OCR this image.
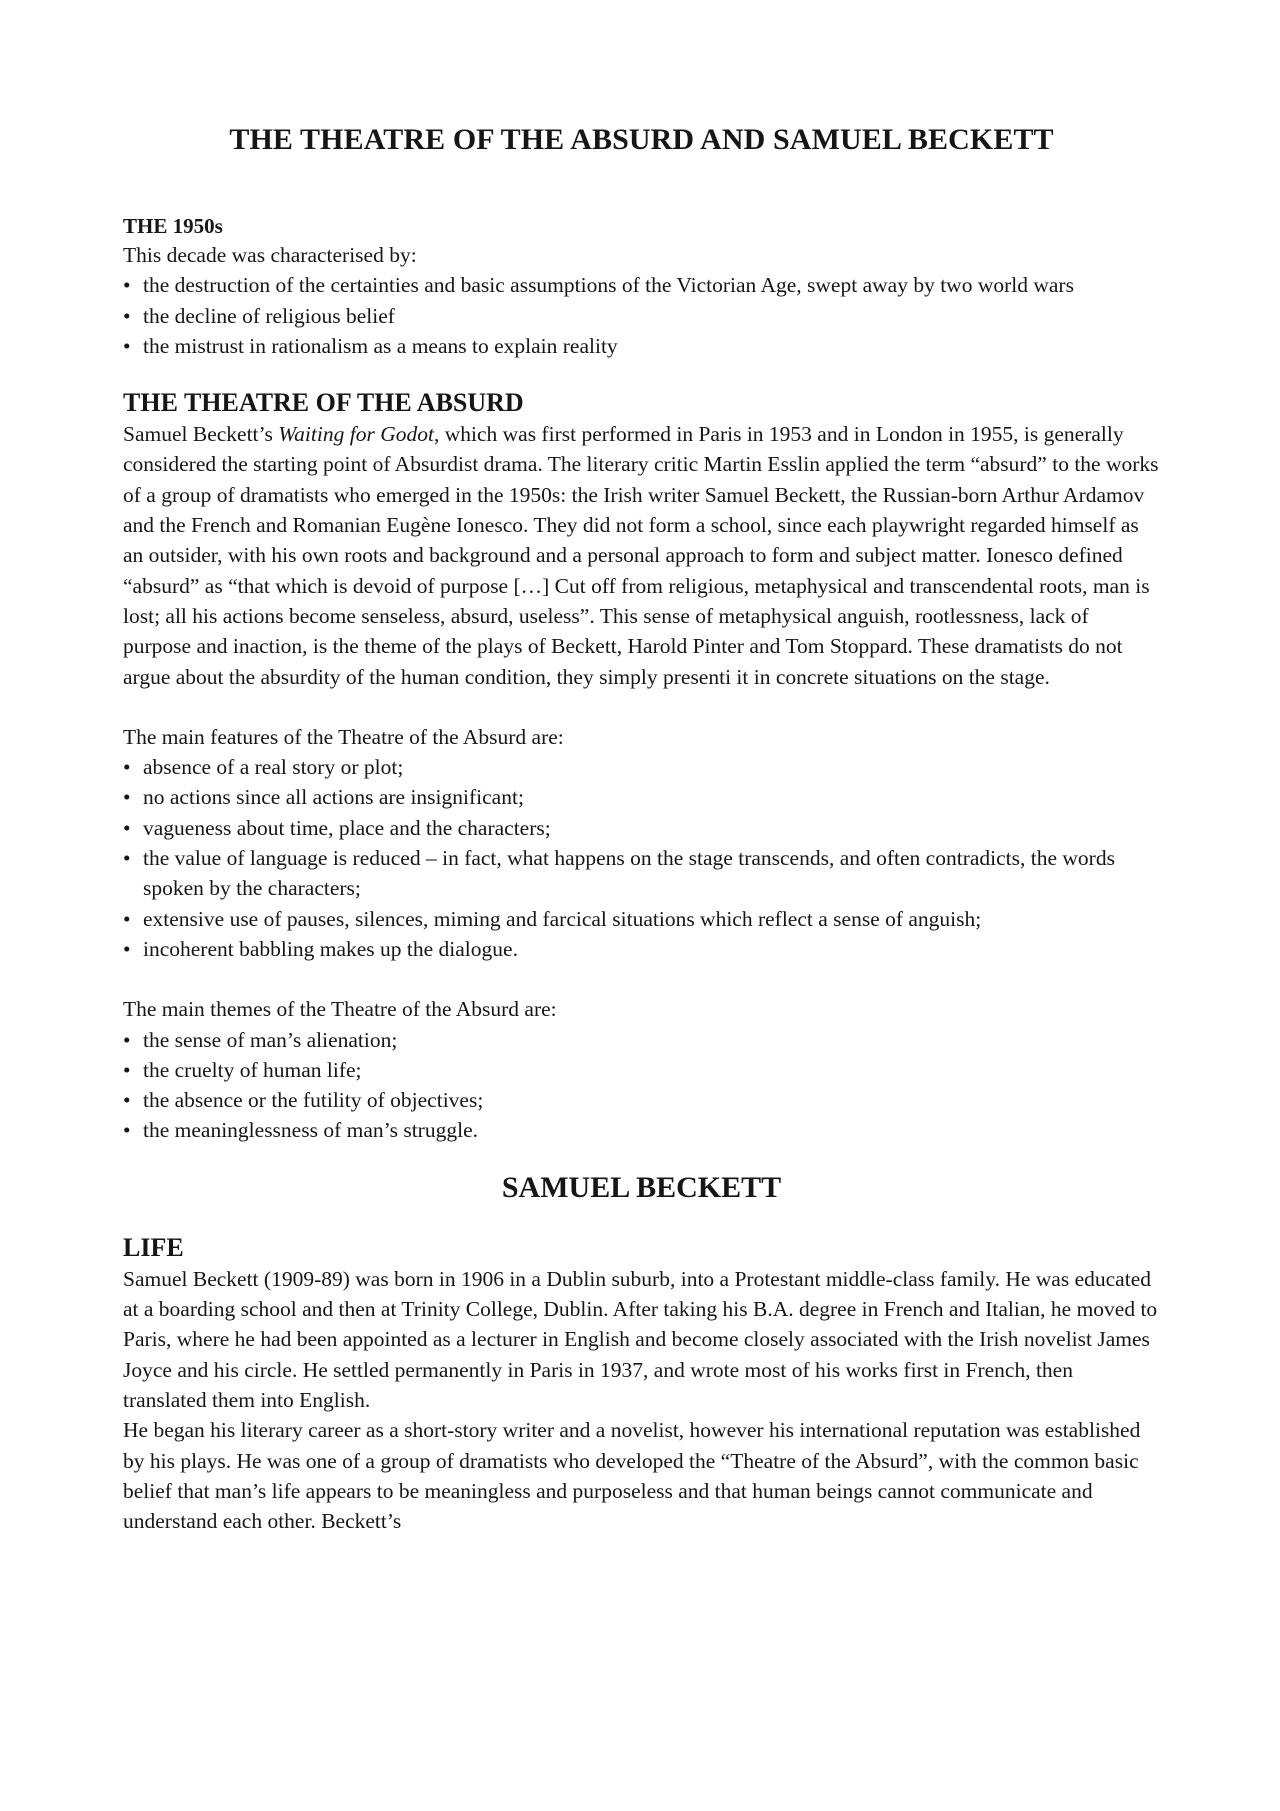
THE THEATRE OF THE ABSURD AND SAMUEL BECKETT
THE 1950s

This decade was characterised by:

• the destruction of the certainties and basic assumptions of the Victorian Age, swept away by two world wars
• the decline of religious belief
• the mistrust in rationalism as a means to explain reality
THE THEATRE OF THE ABSURD

Samuel Beckett’s Waiting for Godot, which was first performed in Paris in 1953 and in London in 1955, is generally considered the starting point of Absurdist drama. The literary critic Martin Esslin applied the term “absurd” to the works of a group of dramatists who emerged in the 1950s: the Irish writer Samuel Beckett, the Russian-born Arthur Ardamov and the French and Romanian Eugène Ionesco. They did not form a school, since each playwright regarded himself as an outsider, with his own roots and background and a personal approach to form and subject matter. Ionesco defined “absurd” as “that which is devoid of purpose […] Cut off from religious, metaphysical and transcendental roots, man is lost; all his actions become senseless, absurd, useless”. This sense of metaphysical anguish, rootlessness, lack of purpose and inaction, is the theme of the plays of Beckett, Harold Pinter and Tom Stoppard. These dramatists do not argue about the absurdity of the human condition, they simply presenti it in concrete situations on the stage.

The main features of the Theatre of the Absurd are:

• absence of a real story or plot;
• no actions since all actions are insignificant;
• vagueness about time, place and the characters;
• the value of language is reduced – in fact, what happens on the stage transcends, and often contradicts, the words spoken by the characters;
• extensive use of pauses, silences, miming and farcical situations which reflect a sense of anguish;
• incoherent babbling makes up the dialogue.

The main themes of the Theatre of the Absurd are:

• the sense of man’s alienation;
• the cruelty of human life;
• the absence or the futility of objectives;
• the meaninglessness of man’s struggle.
SAMUEL BECKETT
LIFE

Samuel Beckett (1909-89) was born in 1906 in a Dublin suburb, into a Protestant middle-class family. He was educated at a boarding school and then at Trinity College, Dublin. After taking his B.A. degree in French and Italian, he moved to Paris, where he had been appointed as a lecturer in English and become closely associated with the Irish novelist James Joyce and his circle. He settled permanently in Paris in 1937, and wrote most of his works first in French, then translated them into English.

He began his literary career as a short-story writer and a novelist, however his international reputation was established by his plays. He was one of a group of dramatists who developed the “Theatre of the Absurd”, with the common basic belief that man’s life appears to be meaningless and purposeless and that human beings cannot communicate and understand each other. Beckett’s
